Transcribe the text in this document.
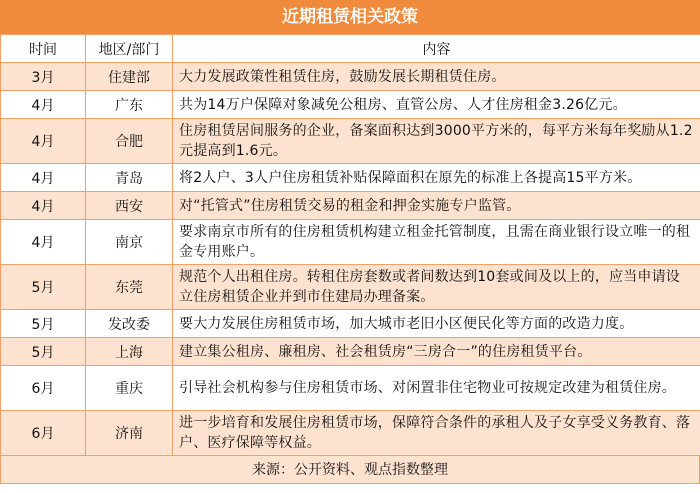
近期租赁相关政策
时间	地区/部门	内容
3月	住建部	大力发展政策性租赁住房，鼓励发展长期租赁住房。
4月	广东	共为14万户保障对象减免公租房、直管公房、人才住房租金3.26亿元。
4月	合肥	住房租赁居间服务的企业，备案面积达到3000平方米的，每平方米每年奖励从1.2元提高到1.6元。
4月	青岛	将2人户、3人户住房租赁补贴保障面积在原先的标准上各提高15平方米。
4月	西安	对“托管式”住房租赁交易的租金和押金实施专户监管。
4月	南京	要求南京市所有的住房租赁机构建立租金托管制度，且需在商业银行设立唯一的租金专用账户。
5月	东莞	规范个人出租住房。转租住房套数或者间数达到10套或间及以上的，应当申请设立住房租赁企业并到市住建局办理备案。
5月	发改委	要大力发展住房租赁市场，加大城市老旧小区便民化等方面的改造力度。
5月	上海	建立集公租房、廉租房、社会租赁房“三房合一”的住房租赁平台。
6月	重庆	引导社会机构参与住房租赁市场、对闲置非住宅物业可按规定改建为租赁住房。
6月	济南	进一步培育和发展住房租赁市场，保障符合条件的承租人及子女享受义务教育、落户、医疗保障等权益。
来源：公开资料、观点指数整理
